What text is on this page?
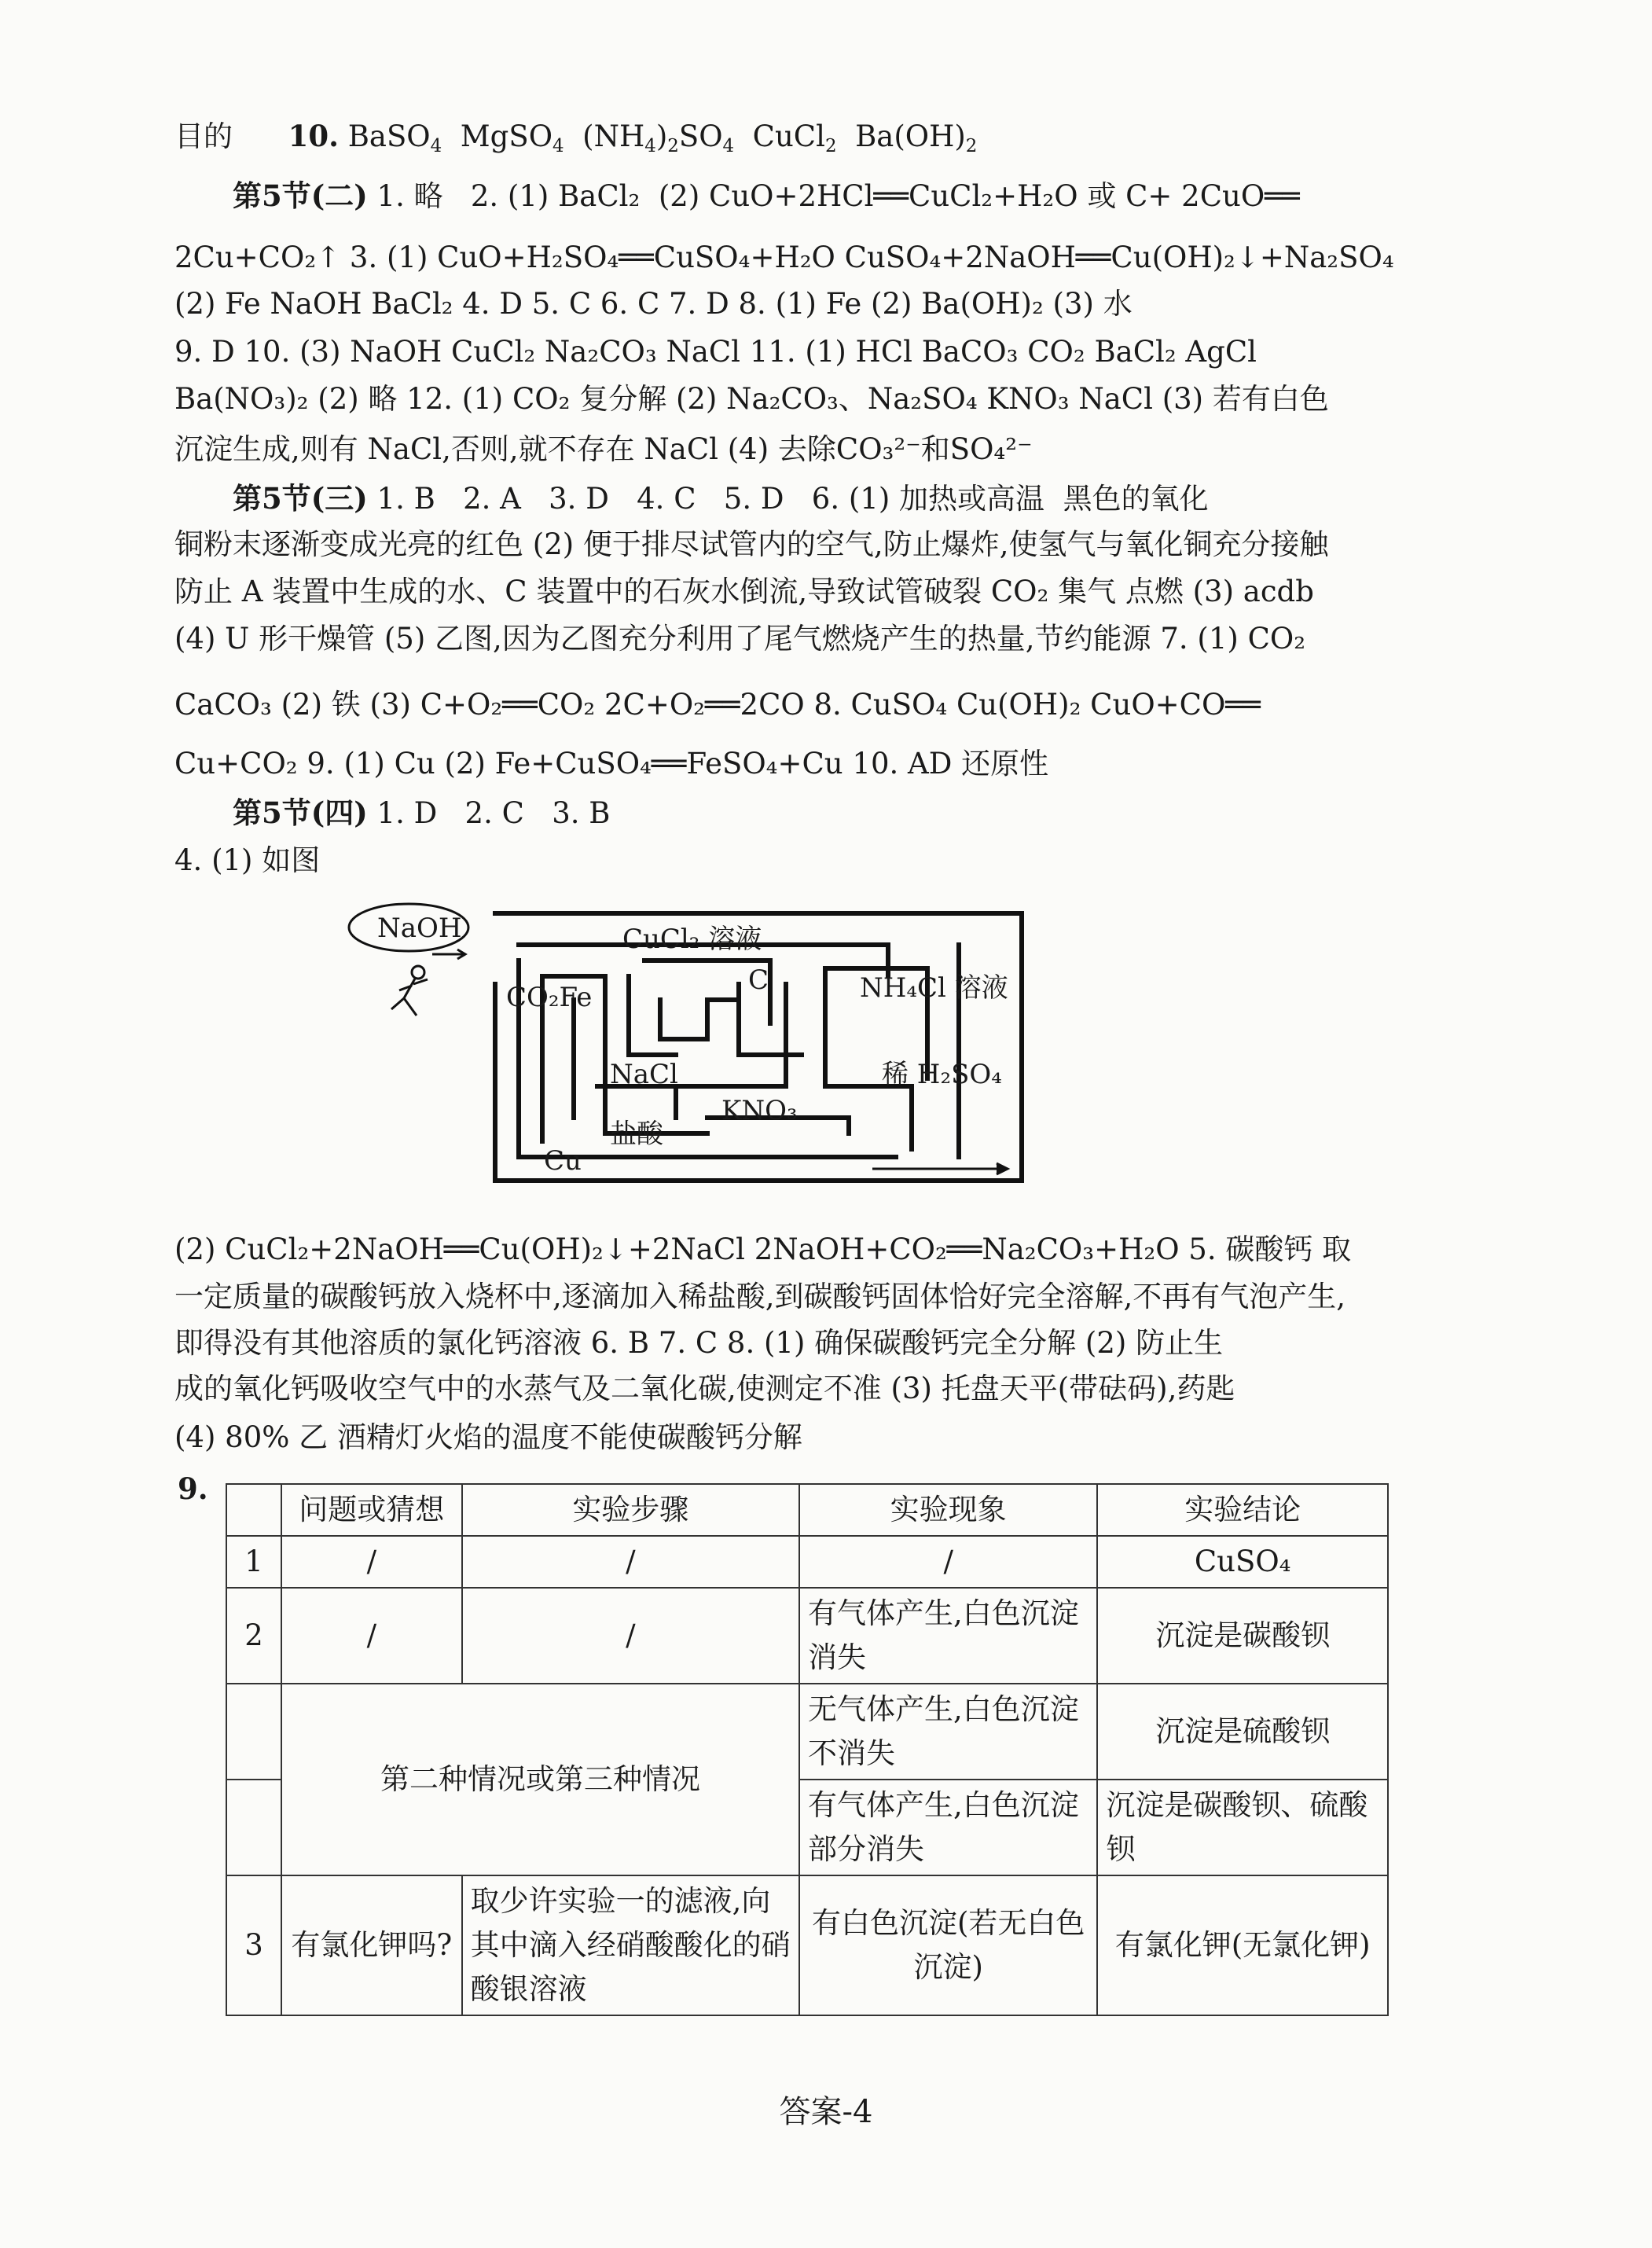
目的 10. BaSO$_4$  MgSO$_4$  $(NH_4)_2SO_4$  CuCl$_2$  $Ba(OH)_2$
第5节(二) 1. 略   2. (1) BaCl₂  (2) CuO+2HCl══CuCl₂+H₂O 或 C+ 2CuO══
2Cu+CO₂↑ 3. (1) CuO+H₂SO₄══CuSO₄+H₂O CuSO₄+2NaOH══Cu(OH)₂↓+Na₂SO₄
(2) Fe NaOH BaCl₂ 4. D 5. C 6. C 7. D 8. (1) Fe (2) Ba(OH)₂ (3) 水
9. D 10. (3) NaOH CuCl₂ Na₂CO₃ NaCl 11. (1) HCl BaCO₃ CO₂ BaCl₂ AgCl
Ba(NO₃)₂ (2) 略 12. (1) CO₂ 复分解 (2) Na₂CO₃、Na₂SO₄ KNO₃ NaCl (3) 若有白色
沉淀生成,则有 NaCl,否则,就不存在 NaCl (4) 去除CO₃²⁻和SO₄²⁻
第5节(三) 1. B   2. A   3. D   4. C   5. D   6. (1) 加热或高温  黑色的氧化
铜粉末逐渐变成光亮的红色 (2) 便于排尽试管内的空气,防止爆炸,使氢气与氧化铜充分接触
防止 A 装置中生成的水、C 装置中的石灰水倒流,导致试管破裂 CO₂ 集气 点燃 (3) acdb
(4) U 形干燥管 (5) 乙图,因为乙图充分利用了尾气燃烧产生的热量,节约能源 7. (1) CO₂
CaCO₃ (2) 铁 (3) C+O₂══CO₂ 2C+O₂══2CO 8. CuSO₄ Cu(OH)₂ CuO+CO══
Cu+CO₂ 9. (1) Cu (2) Fe+CuSO₄══FeSO₄+Cu 10. AD 还原性
第5节(四) 1. D   2. C   3. B
4. (1) 如图
NaOH	CuCl₂ 溶液
C	NH₄Cl 溶液
CO₂Fe
NaCl	稀 H₂SO₄
KNO₃
盐酸
Cu
(2) CuCl₂+2NaOH══Cu(OH)₂↓+2NaCl 2NaOH+CO₂══Na₂CO₃+H₂O 5. 碳酸钙 取
一定质量的碳酸钙放入烧杯中,逐滴加入稀盐酸,到碳酸钙固体恰好完全溶解,不再有气泡产生,
即得没有其他溶质的氯化钙溶液 6. B 7. C 8. (1) 确保碳酸钙完全分解 (2) 防止生
成的氧化钙吸收空气中的水蒸气及二氧化碳,使测定不准 (3) 托盘天平(带砝码),药匙
(4) 80% 乙 酒精灯火焰的温度不能使碳酸钙分解
9.
	问题或猜想	实验步骤	实验现象	实验结论
1	/	/	/	CuSO₄
2	/	/	有气体产生,白色沉淀消失	沉淀是碳酸钡
	第二种情况或第三种情况		无气体产生,白色沉淀不消失	沉淀是硫酸钡
			有气体产生,白色沉淀部分消失	沉淀是碳酸钡、硫酸钡
3	有氯化钾吗?	取少许实验一的滤液,向其中滴入经硝酸酸化的硝酸银溶液	有白色沉淀(若无白色沉淀)	有氯化钾(无氯化钾)
答案-4
